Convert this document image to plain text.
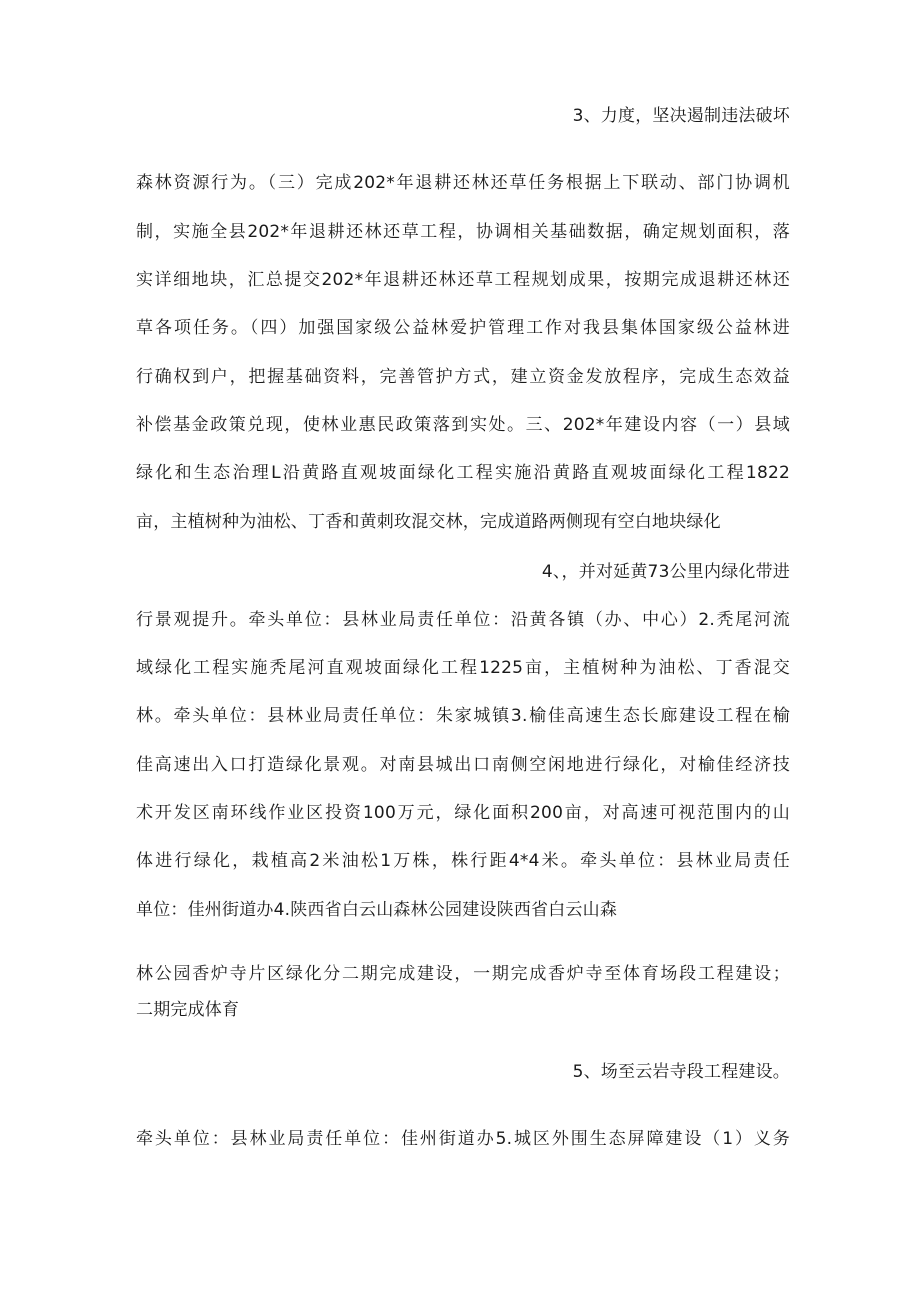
3、力度，坚决遏制违法破坏
森林资源行为。（三）完成202*年退耕还林还草任务根据上下联动、部门协调机
制，实施全县202*年退耕还林还草工程，协调相关基础数据，确定规划面积，落
实详细地块，汇总提交202*年退耕还林还草工程规划成果，按期完成退耕还林还
草各项任务。（四）加强国家级公益林爱护管理工作对我县集体国家级公益林进
行确权到户，把握基础资料，完善管护方式，建立资金发放程序，完成生态效益
补偿基金政策兑现，使林业惠民政策落到实处。三、202*年建设内容（一）县域
绿化和生态治理L沿黄路直观坡面绿化工程实施沿黄路直观坡面绿化工程1822
亩，主植树种为油松、丁香和黄刺玫混交林，完成道路两侧现有空白地块绿化
4、，并对延黄73公里内绿化带进
行景观提升。牵头单位：县林业局责任单位：沿黄各镇（办、中心）2.秃尾河流
域绿化工程实施秃尾河直观坡面绿化工程1225亩，主植树种为油松、丁香混交
林。牵头单位：县林业局责任单位：朱家城镇3.榆佳高速生态长廊建设工程在榆
佳高速出入口打造绿化景观。对南县城出口南侧空闲地进行绿化，对榆佳经济技
术开发区南环线作业区投资100万元，绿化面积200亩，对高速可视范围内的山
体进行绿化，栽植高2米油松1万株，株行距4*4米。牵头单位：县林业局责任
单位：佳州街道办4.陕西省白云山森林公园建设陕西省白云山森
林公园香炉寺片区绿化分二期完成建设，一期完成香炉寺至体育场段工程建设；
二期完成体育
5、场至云岩寺段工程建设。
牵头单位：县林业局责任单位：佳州街道办5.城区外围生态屏障建设（1）义务
